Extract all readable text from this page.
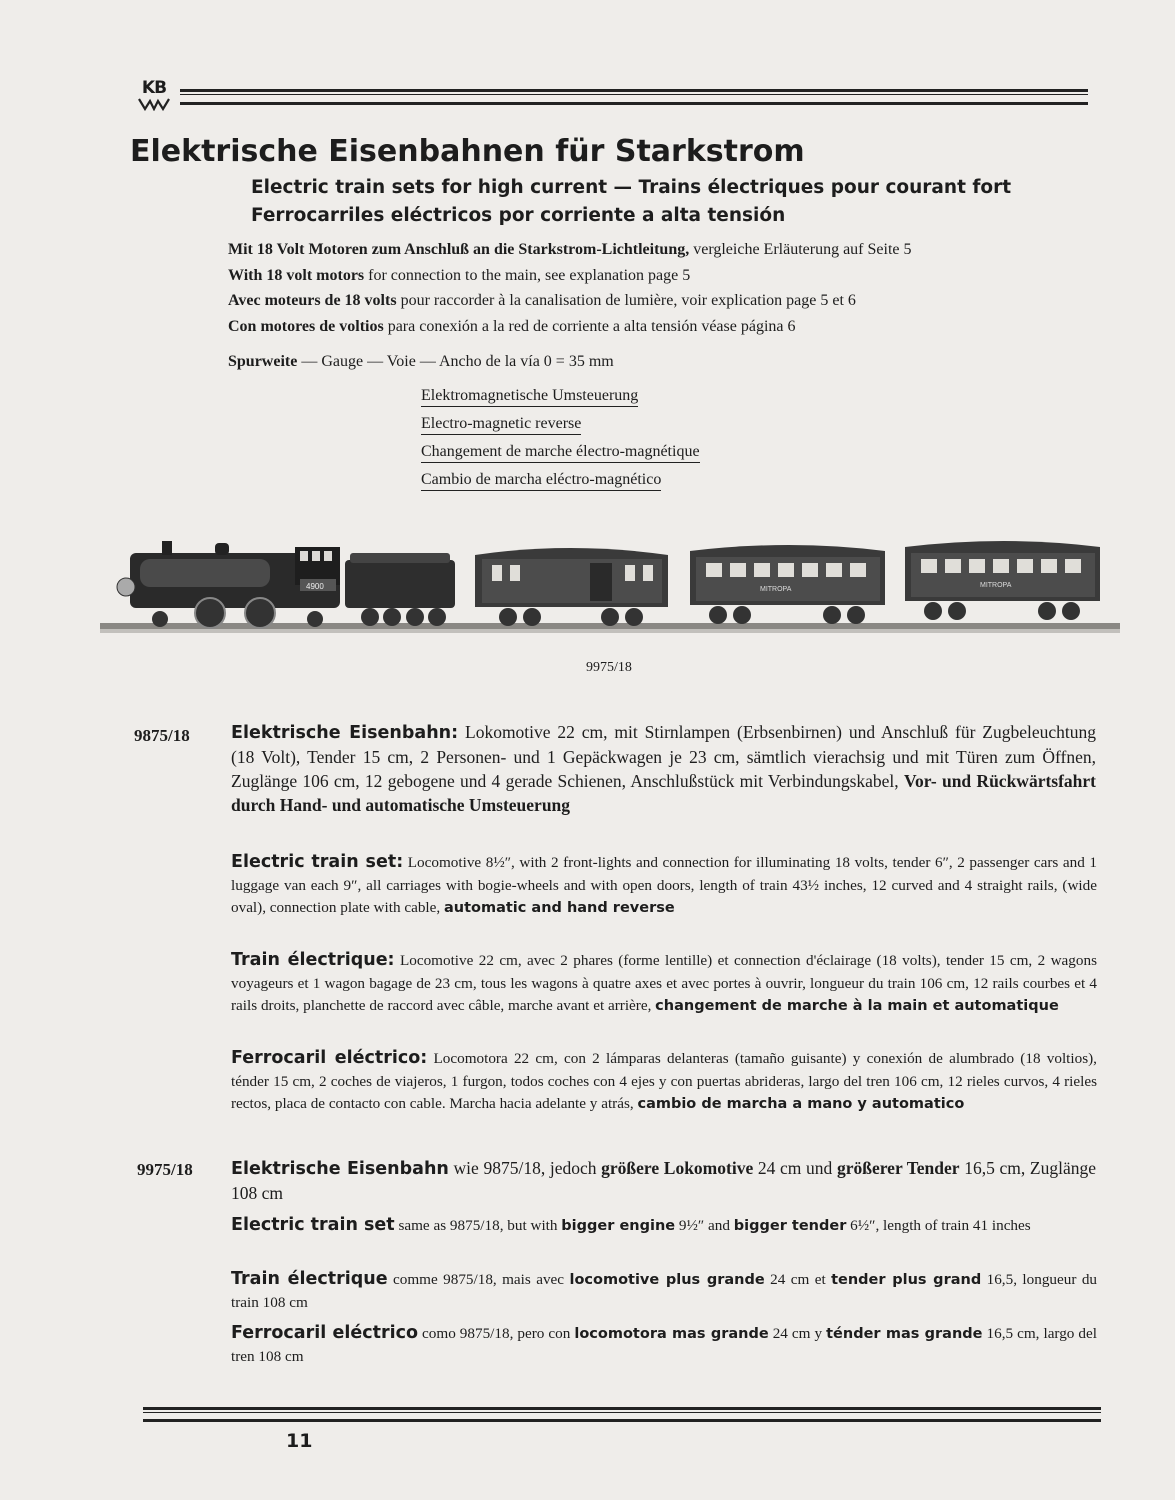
KB
Elektrische Eisenbahnen für Starkstrom
Electric train sets for high current — Trains électriques pour courant fort
Ferrocarriles eléctricos por corriente a alta tensión
Mit 18 Volt Motoren zum Anschluß an die Starkstrom-Lichtleitung, vergleiche Erläuterung auf Seite 5
With 18 volt motors for connection to the main, see explanation page 5
Avec moteurs de 18 volts pour raccorder à la canalisation de lumière, voir explication page 5 et 6
Con motores de voltios para conexión a la red de corriente a alta tensión véase página 6
Spurweite — Gauge — Voie — Ancho de la vía 0 = 35 mm
Elektromagnetische Umsteuerung
Electro-magnetic reverse
Changement de marche électro-magnétique
Cambio de marcha eléctro-magnético
4900	MITROPA
MITROPA
9975/18
9875/18 Elektrische Eisenbahn: Lokomotive 22 cm, mit Stirnlampen (Erbsenbirnen) und Anschluß für Zugbeleuchtung (18 Volt), Tender 15 cm, 2 Personen- und 1 Gepäckwagen je 23 cm, sämtlich vierachsig und mit Türen zum Öffnen, Zuglänge 106 cm, 12 gebogene und 4 gerade Schienen, Anschlußstück mit Verbindungskabel, Vor- und Rückwärtsfahrt durch Hand- und automatische Umsteuerung
Electric train set: Locomotive 8½″, with 2 front-lights and connection for illuminating 18 volts, tender 6″, 2 passenger cars and 1 luggage van each 9″, all carriages with bogie-wheels and with open doors, length of train 43½ inches, 12 curved and 4 straight rails, (wide oval), connection plate with cable, automatic and hand reverse
Train électrique: Locomotive 22 cm, avec 2 phares (forme lentille) et connection d'éclairage (18 volts), tender 15 cm, 2 wagons voyageurs et 1 wagon bagage de 23 cm, tous les wagons à quatre axes et avec portes à ouvrir, longueur du train 106 cm, 12 rails courbes et 4 rails droits, planchette de raccord avec câble, marche avant et arrière, changement de marche à la main et automatique
Ferrocaril eléctrico: Locomotora 22 cm, con 2 lámparas delanteras (tamaño guisante) y conexión de alumbrado (18 voltios), ténder 15 cm, 2 coches de viajeros, 1 furgon, todos coches con 4 ejes y con puertas abrideras, largo del tren 106 cm, 12 rieles curvos, 4 rieles rectos, placa de contacto con cable. Marcha hacia adelante y atrás, cambio de marcha a mano y automatico
9975/18 Elektrische Eisenbahn wie 9875/18, jedoch größere Lokomotive 24 cm und größerer Tender 16,5 cm, Zuglänge 108 cm
Electric train set same as 9875/18, but with bigger engine 9½″ and bigger tender 6½″, length of train 41 inches
Train électrique comme 9875/18, mais avec locomotive plus grande 24 cm et tender plus grand 16,5, longueur du train 108 cm
Ferrocaril eléctrico como 9875/18, pero con locomotora mas grande 24 cm y ténder mas grande 16,5 cm, largo del tren 108 cm
11
